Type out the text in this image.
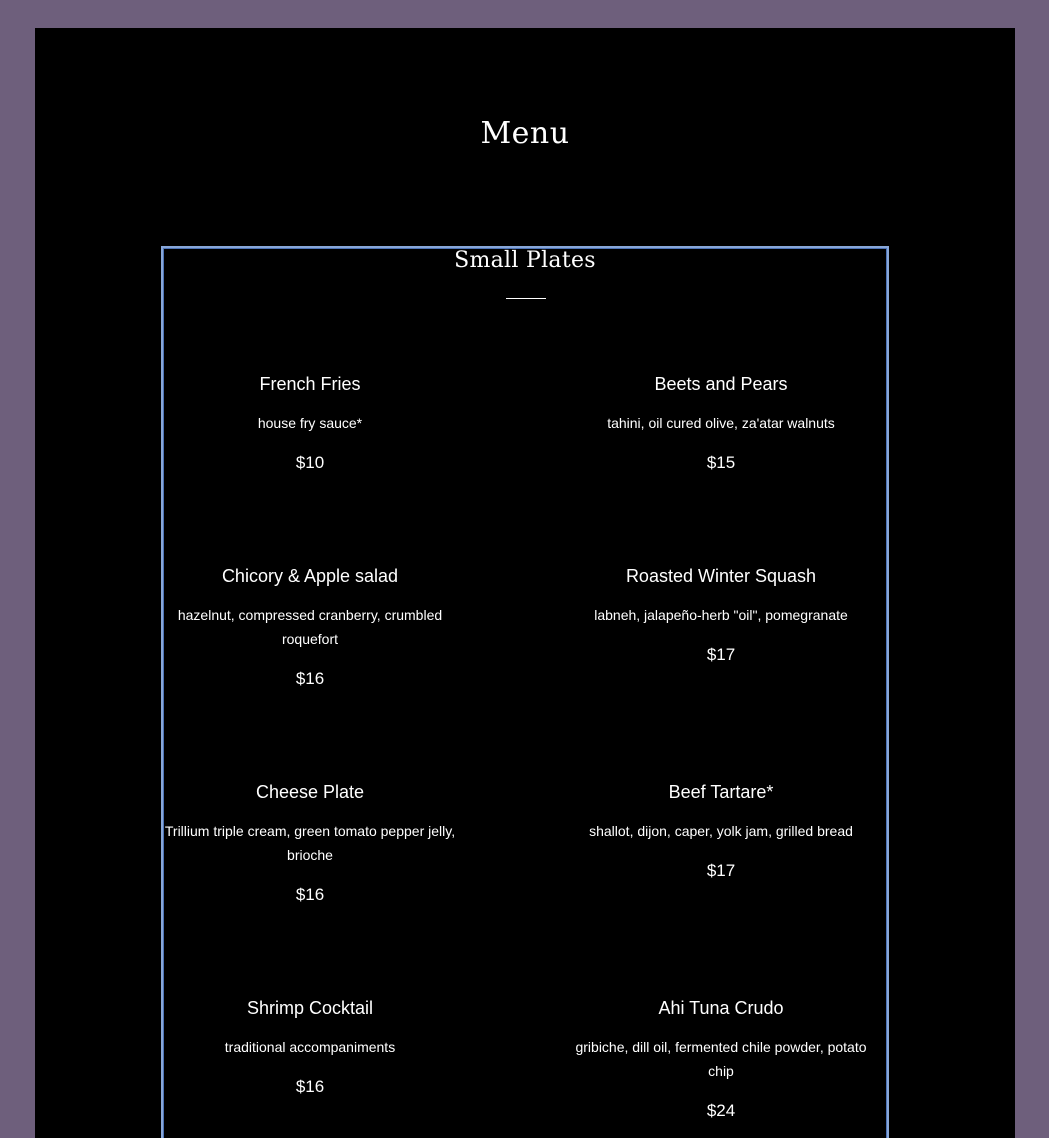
Menu
Small Plates
French Fries
house fry sauce*
$10
Beets and Pears
tahini, oil cured olive, za'atar walnuts
$15
Chicory & Apple salad
hazelnut, compressed cranberry, crumbled roquefort
$16
Roasted Winter Squash
labneh, jalapeño-herb "oil", pomegranate
$17
Cheese Plate
Trillium triple cream, green tomato pepper jelly, brioche
$16
Beef Tartare*
shallot, dijon, caper, yolk jam, grilled bread
$17
Shrimp Cocktail
traditional accompaniments
$16
Ahi Tuna Crudo
gribiche, dill oil, fermented chile powder, potato chip
$24
